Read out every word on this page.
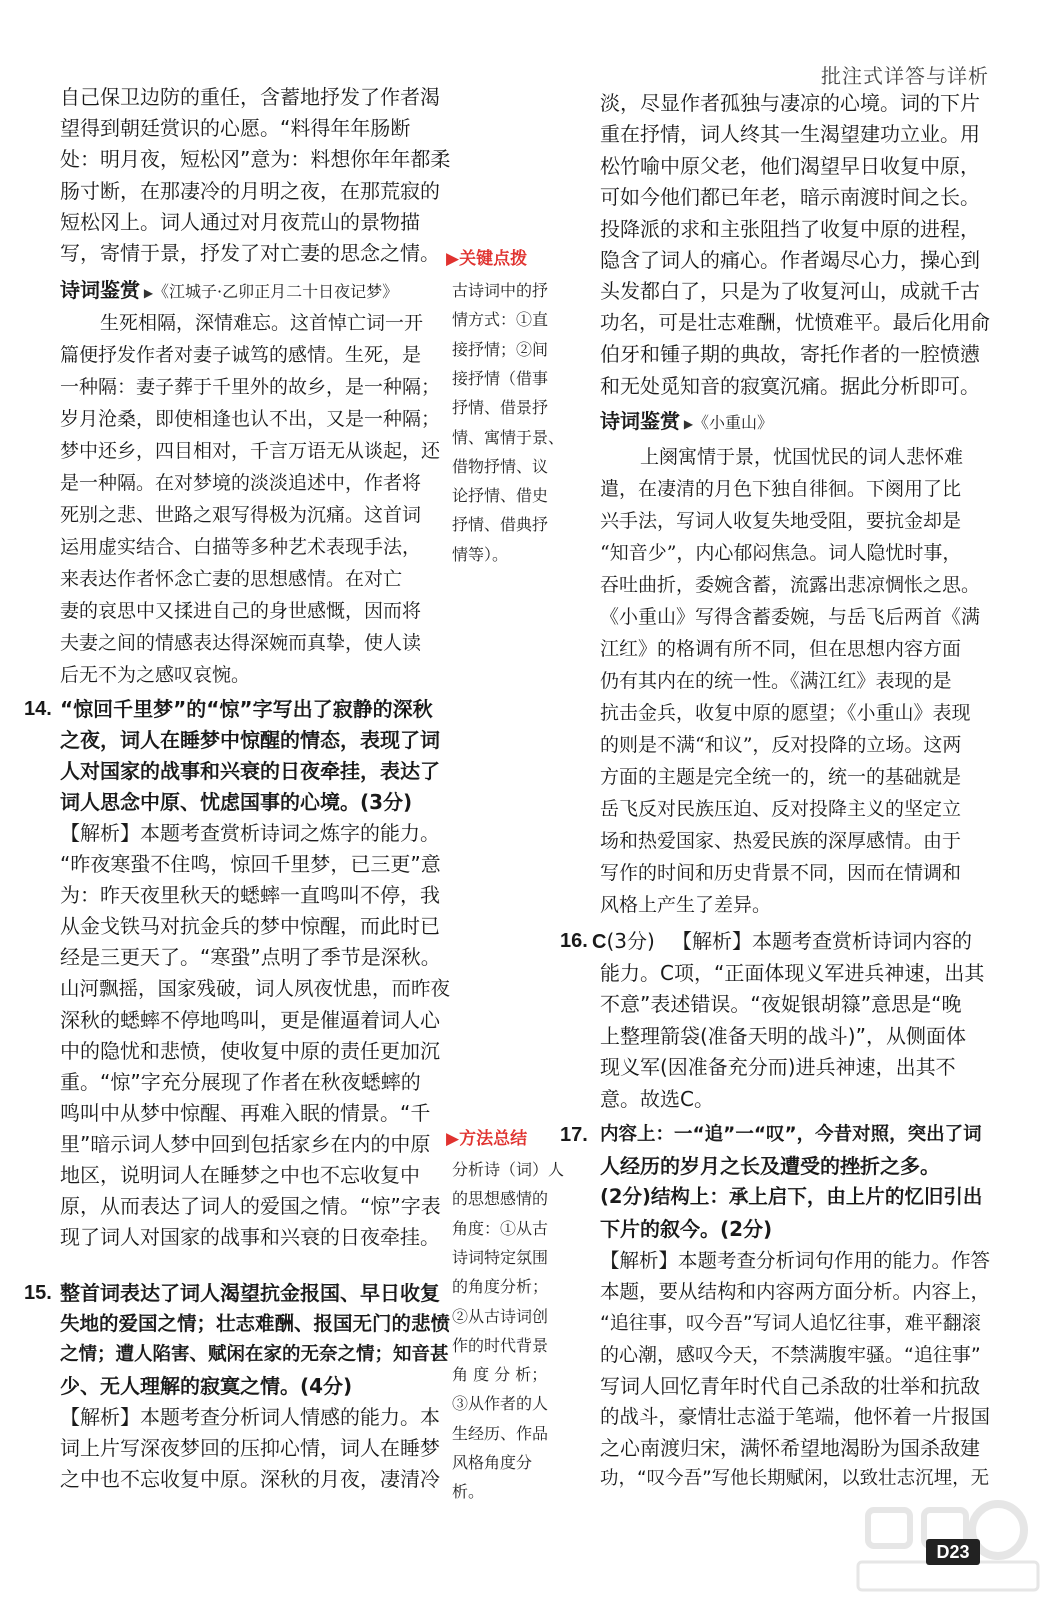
批注式详答与详析
自己保卫边防的重任，含蓄地抒发了作者渴
望得到朝廷赏识的心愿。“料得年年肠断
处：明月夜，短松冈”意为：料想你年年都柔
肠寸断，在那凄冷的月明之夜，在那荒寂的
短松冈上。词人通过对月夜荒山的景物描
写，寄情于景，抒发了对亡妻的思念之情。
诗词鉴赏 ▶《江城子·乙卯正月二十日夜记梦》
生死相隔，深情难忘。这首悼亡词一开
篇便抒发作者对妻子诚笃的感情。生死，是
一种隔：妻子葬于千里外的故乡，是一种隔；
岁月沧桑，即使相逢也认不出，又是一种隔；
梦中还乡，四目相对，千言万语无从谈起，还
是一种隔。在对梦境的淡淡追述中，作者将
死别之悲、世路之艰写得极为沉痛。这首词
运用虚实结合、白描等多种艺术表现手法，
来表达作者怀念亡妻的思想感情。在对亡
妻的哀思中又揉进自己的身世感慨，因而将
夫妻之间的情感表达得深婉而真挚，使人读
后无不为之感叹哀惋。
14. “惊回千里梦”的“惊”字写出了寂静的深秋
之夜，词人在睡梦中惊醒的情态，表现了词
人对国家的战事和兴衰的日夜牵挂，表达了
词人思念中原、忧虑国事的心境。(3分)
【解析】本题考查赏析诗词之炼字的能力。
“昨夜寒蛩不住鸣，惊回千里梦，已三更”意
为：昨天夜里秋天的蟋蟀一直鸣叫不停，我
从金戈铁马对抗金兵的梦中惊醒，而此时已
经是三更天了。“寒蛩”点明了季节是深秋。
山河飘摇，国家残破，词人夙夜忧患，而昨夜
深秋的蟋蟀不停地鸣叫，更是催逼着词人心
中的隐忧和悲愤，使收复中原的责任更加沉
重。“惊”字充分展现了作者在秋夜蟋蟀的
鸣叫中从梦中惊醒、再难入眠的情景。“千
里”暗示词人梦中回到包括家乡在内的中原
地区，说明词人在睡梦之中也不忘收复中
原，从而表达了词人的爱国之情。“惊”字表
现了词人对国家的战事和兴衰的日夜牵挂。
15. 整首词表达了词人渴望抗金报国、早日收复
失地的爱国之情；壮志难酬、报国无门的悲愤
之情；遭人陷害、赋闲在家的无奈之情；知音甚
少、无人理解的寂寞之情。(4分)
【解析】本题考查分析词人情感的能力。本
词上片写深夜梦回的压抑心情，词人在睡梦
之中也不忘收复中原。深秋的月夜，凄清冷
▶关键点拨
古诗词中的抒
情方式：①直
接抒情；②间
接抒情（借事
抒情、借景抒
情、寓情于景、
借物抒情、议
论抒情、借史
抒情、借典抒
情等）。
▶方法总结
分析诗（词）人
的思想感情的
角度：①从古
诗词特定氛围
的角度分析；
②从古诗词创
作的时代背景
角 度 分 析；
③从作者的人
生经历、作品
风格角度分
析。
淡，尽显作者孤独与凄凉的心境。词的下片
重在抒情，词人终其一生渴望建功立业。用
松竹喻中原父老，他们渴望早日收复中原，
可如今他们都已年老，暗示南渡时间之长。
投降派的求和主张阻挡了收复中原的进程，
隐含了词人的痛心。作者竭尽心力，操心到
头发都白了，只是为了收复河山，成就千古
功名，可是壮志难酬，忧愤难平。最后化用俞
伯牙和锺子期的典故，寄托作者的一腔愤懑
和无处觅知音的寂寞沉痛。据此分析即可。
诗词鉴赏 ▶《小重山》
上阕寓情于景，忧国忧民的词人悲怀难
遣，在凄清的月色下独自徘徊。下阕用了比
兴手法，写词人收复失地受阻，要抗金却是
“知音少”，内心郁闷焦急。词人隐忧时事，
吞吐曲折，委婉含蓄，流露出悲凉惆怅之思。
《小重山》写得含蓄委婉，与岳飞后两首《满
江红》的格调有所不同，但在思想内容方面
仍有其内在的统一性。《满江红》表现的是
抗击金兵，收复中原的愿望；《小重山》表现
的则是不满“和议”，反对投降的立场。这两
方面的主题是完全统一的，统一的基础就是
岳飞反对民族压迫、反对投降主义的坚定立
场和热爱国家、热爱民族的深厚感情。由于
写作的时间和历史背景不同，因而在情调和
风格上产生了差异。
16. C(3分) 【解析】本题考查赏析诗词内容的
能力。C项，“正面体现义军进兵神速，出其
不意”表述错误。“夜娖银胡簶”意思是“晚
上整理箭袋(准备天明的战斗)”，从侧面体
现义军(因准备充分而)进兵神速，出其不
意。故选C。
17. 内容上：一“追”一“叹”，今昔对照，突出了词
人经历的岁月之长及遭受的挫折之多。
(2分)结构上：承上启下，由上片的忆旧引出
下片的叙今。(2分)
【解析】本题考查分析词句作用的能力。作答
本题，要从结构和内容两方面分析。内容上，
“追往事，叹今吾”写词人追忆往事，难平翻滚
的心潮，感叹今天，不禁满腹牢骚。“追往事”
写词人回忆青年时代自己杀敌的壮举和抗敌
的战斗，豪情壮志溢于笔端，他怀着一片报国
之心南渡归宋，满怀希望地渴盼为国杀敌建
功，“叹今吾”写他长期赋闲，以致壮志沉埋，无
D23
